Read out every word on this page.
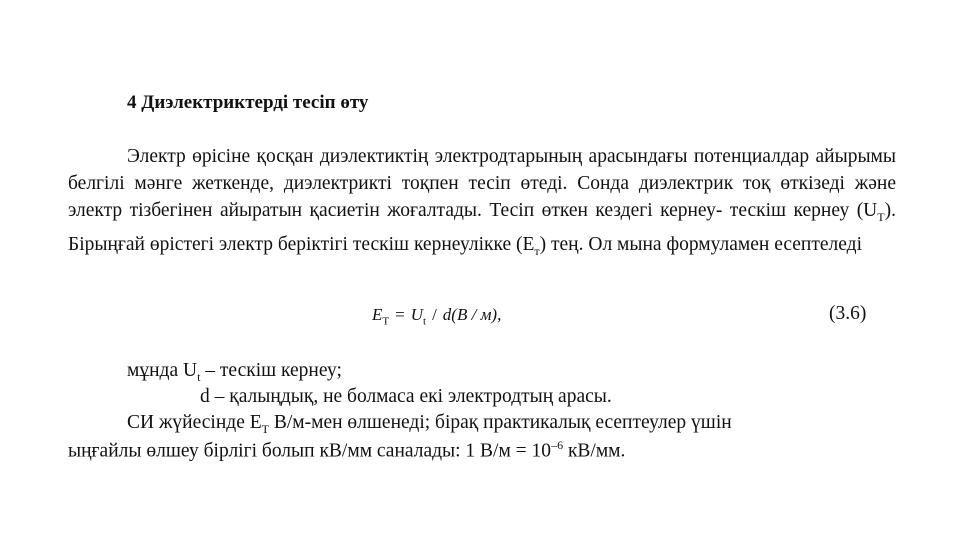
4 Диэлектриктерді тесіп өту
Электр өрісіне қосқан диэлектиктің электродтарының арасындағы потенциалдар айырымы белгілі мәнге жеткенде, диэлектрикті тоқпен тесіп өтеді. Сонда диэлектрик тоқ өткізеді және электр тізбегінен айыратын қасиетін жоғалтады. Тесіп өткен кездегі кернеу- тескіш кернеу $(U_Т)$. Бірыңғай өрістегі электр беріктігі тескіш кернеулікке $(E_т)$ тең. Ол мына формуламен есептеледі
$E_T = U_t / d(B / м)$,	(3.6)
мұнда $U_t$ – тескіш кернеу;
d – қалыңдық, не болмаса екі электродтың арасы.
СИ жүйесінде $E_T$ В/м-мен өлшенеді; бірақ практикалық есептеулер үшін
ыңғайлы өлшеу бірлігі болып кВ/мм саналады: 1 $В/м = 10^{-6}$ кВ/мм.
